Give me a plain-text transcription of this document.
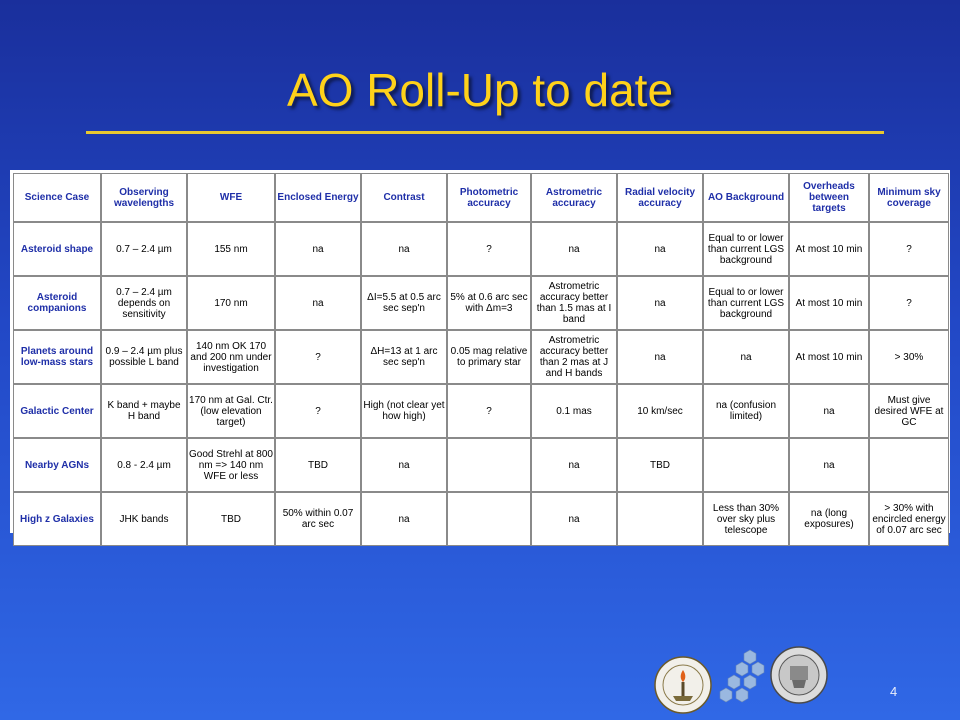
AO Roll-Up to date
Science Case	Observing wavelengths	WFE	Enclosed Energy	Contrast	Photometric accuracy	Astrometric accuracy	Radial velocity accuracy	AO Background	Overheads between targets	Minimum sky coverage
Asteroid shape	0.7 – 2.4 µm	155 nm	na	na	?	na	na	Equal to or lower than current LGS background	At most 10 min	?
Asteroid companions	0.7 – 2.4 µm depends on sensitivity	170 nm	na	ΔI=5.5 at 0.5 arc sec sep'n	5% at 0.6 arc sec with Δm=3	Astrometric accuracy better than 1.5 mas at I band	na	Equal to or lower than current LGS background	At most 10 min	?
Planets around low-mass stars	0.9 – 2.4 µm plus possible L band	140 nm OK 170 and 200 nm under investigation	?	ΔH=13 at 1 arc sec sep'n	0.05 mag relative to primary star	Astrometric accuracy better than 2 mas at J and H bands	na	na	At most 10 min	> 30%
Galactic Center	K band + maybe H band	170 nm at Gal. Ctr. (low elevation target)	?	High (not clear yet how high)	?	0.1 mas	10 km/sec	na (confusion limited)	na	Must give desired WFE at GC
Nearby AGNs	0.8 - 2.4 µm	Good Strehl at 800 nm => 140 nm WFE or less	TBD	na		na	TBD		na	
High z Galaxies	JHK bands	TBD	50% within 0.07 arc sec	na		na		Less than 30% over sky plus telescope	na (long exposures)	> 30% with encircled energy of 0.07 arc sec
4
